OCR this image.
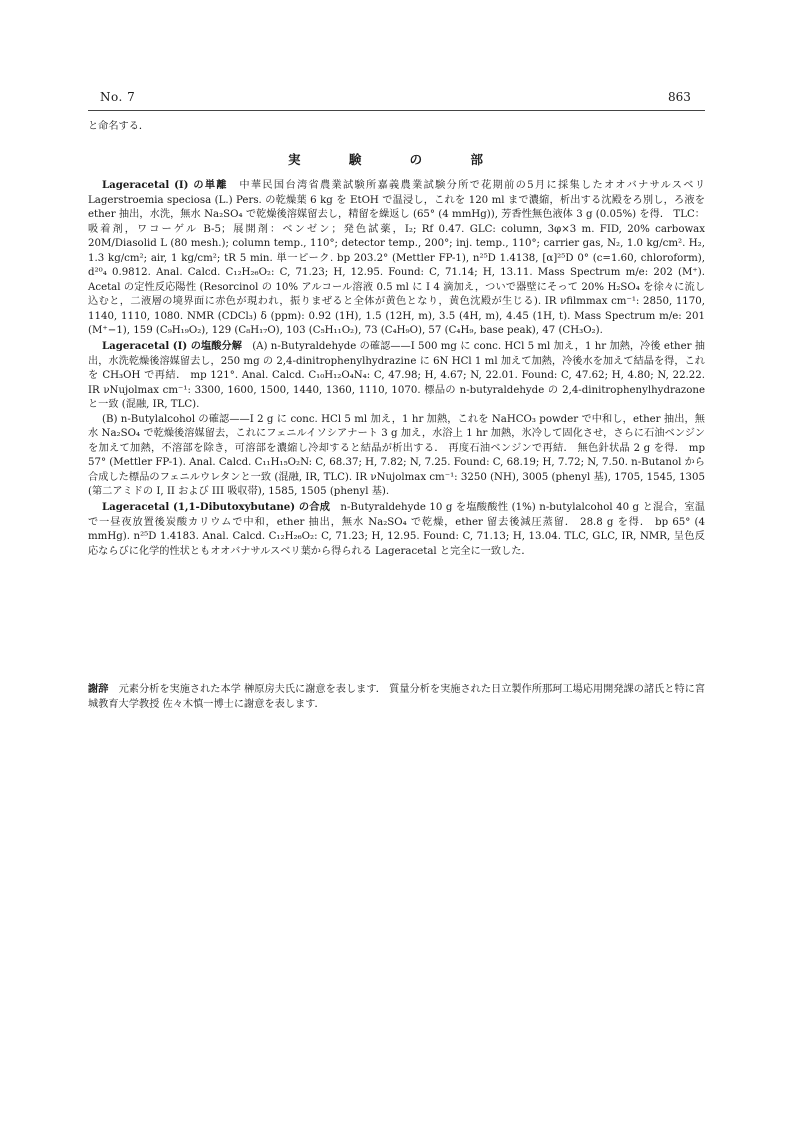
No. 7	863
と命名する．
実 験 の 部

Lageracetal (I) の単離  中華民国台湾省農業試験所嘉義農業試験分所で花期前の5月に採集したオオバナサルスベリ Lagerstroemia speciosa (L.) Pers. の乾燥葉 6 kg を EtOH で温浸し，これを 120 ml まで濃縮，析出する沈殿をろ別し，ろ液を ether 抽出，水洗，無水 Na₂SO₄ で乾燥後溶媒留去し，精留を繰返し (65° (4 mmHg)), 芳香性無色液体 3 g (0.05%) を得． TLC：吸着剤，ワコーゲル B-5；展開剤：ベンゼン；発色試薬，I₂; Rf 0.47. GLC: column, 3φ×3 m. FID, 20% carbowax 20M/Diasolid L (80 mesh.); column temp., 110°; detector temp., 200°; inj. temp., 110°; carrier gas, N₂, 1.0 kg/cm². H₂, 1.3 kg/cm²; air, 1 kg/cm²; tR 5 min. 単一ピーク. bp 203.2° (Mettler FP-1), n²⁵D 1.4138, [α]²⁵D 0° (c=1.60, chloroform), d²⁰₄ 0.9812. Anal. Calcd. C₁₂H₂₆O₂: C, 71.23; H, 12.95. Found: C, 71.14; H, 13.11. Mass Spectrum m/e: 202 (M⁺). Acetal の定性反応陽性 (Resorcinol の 10% アルコール溶液 0.5 ml に I 4 滴加え，ついで器壁にそって 20% H₂SO₄ を徐々に流し込むと，二液層の境界面に赤色が現われ，振りまぜると全体が黄色となり，黄色沈殿が生じる). IR νfilmmax cm⁻¹: 2850, 1170, 1140, 1110, 1080. NMR (CDCl₃) δ (ppm): 0.92 (1H), 1.5 (12H, m), 3.5 (4H, m), 4.45 (1H, t). Mass Spectrum m/e: 201 (M⁺−1), 159 (C₉H₁₉O₂), 129 (C₈H₁₇O), 103 (C₅H₁₁O₂), 73 (C₄H₉O), 57 (C₄H₉, base peak), 47 (CH₃O₂).

Lageracetal (I) の塩酸分解  (A) n-Butyraldehyde の確認——I 500 mg に conc. HCl 5 ml 加え，1 hr 加熱，冷後 ether 抽出，水洗乾燥後溶媒留去し，250 mg の 2,4-dinitrophenylhydrazine に 6N HCl 1 ml 加えて加熱，冷後水を加えて結晶を得，これを CH₃OH で再結． mp 121°. Anal. Calcd. C₁₀H₁₂O₄N₄: C, 47.98; H, 4.67; N, 22.01. Found: C, 47.62; H, 4.80; N, 22.22. IR νNujolmax cm⁻¹: 3300, 1600, 1500, 1440, 1360, 1110, 1070. 標品の n-butyraldehyde の 2,4-dinitrophenylhydrazone と一致 (混融, IR, TLC).

(B) n-Butylalcohol の確認——I 2 g に conc. HCl 5 ml 加え，1 hr 加熱，これを NaHCO₃ powder で中和し，ether 抽出，無水 Na₂SO₄ で乾燥後溶媒留去，これにフェニルイソシアナート 3 g 加え，水浴上 1 hr 加熱，氷冷して固化させ，さらに石油ベンジンを加えて加熱，不溶部を除き，可溶部を濃縮し冷却すると結晶が析出する． 再度石油ベンジンで再結． 無色針状晶 2 g を得． mp 57° (Mettler FP-1). Anal. Calcd. C₁₁H₁₅O₂N: C, 68.37; H, 7.82; N, 7.25. Found: C, 68.19; H, 7.72; N, 7.50. n-Butanol から合成した標品のフェニルウレタンと一致 (混融, IR, TLC). IR νNujolmax cm⁻¹: 3250 (NH), 3005 (phenyl 基), 1705, 1545, 1305 (第二アミドの I, II および III 吸収帯), 1585, 1505 (phenyl 基).

Lageracetal (1,1-Dibutoxybutane) の合成  n-Butyraldehyde 10 g を塩酸酸性 (1%) n-butylalcohol 40 g と混合，室温で一昼夜放置後炭酸カリウムで中和，ether 抽出，無水 Na₂SO₄ で乾燥，ether 留去後減圧蒸留． 28.8 g を得． bp 65° (4 mmHg). n²⁵D 1.4183. Anal. Calcd. C₁₂H₂₆O₂: C, 71.23; H, 12.95. Found: C, 71.13; H, 13.04. TLC, GLC, IR, NMR, 呈色反応ならびに化学的性状ともオオバナサルスベリ葉から得られる Lageracetal と完全に一致した．

謝辞  元素分析を実施された本学 榊原房夫氏に謝意を表します． 質量分析を実施された日立製作所那珂工場応用開発課の諸氏と特に宮城教育大学教授 佐々木慎一博士に謝意を表します．
